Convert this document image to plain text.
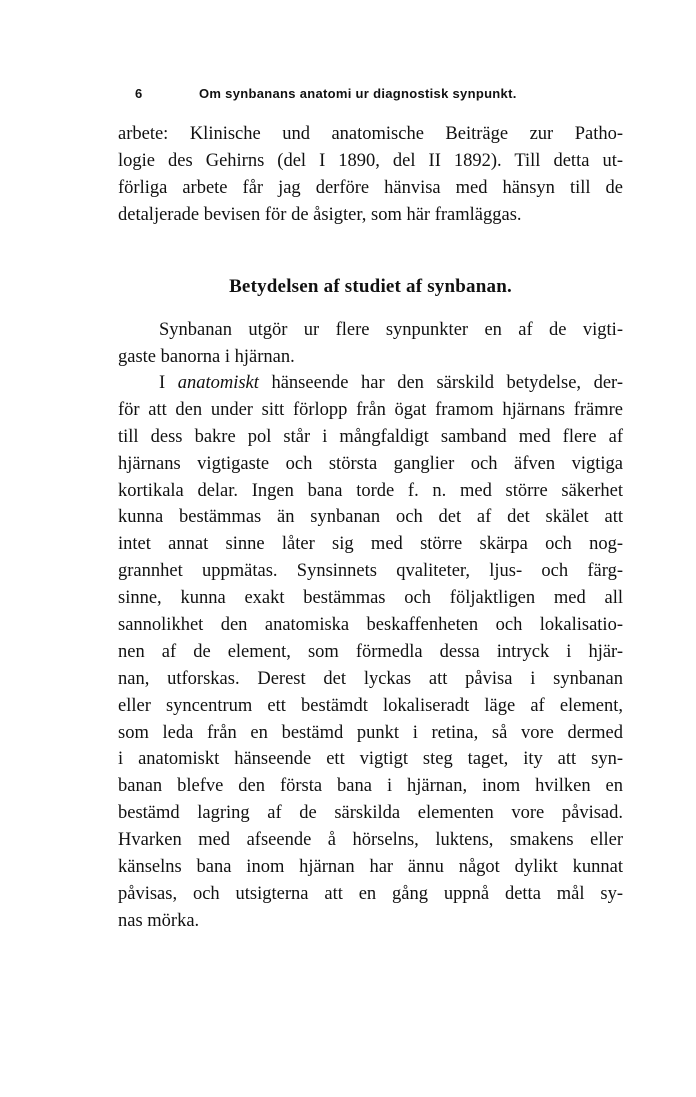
6	Om synbanans anatomi ur diagnostisk synpunkt.
arbete: Klinische und anatomische Beiträge zur Patho-
logie des Gehirns (del I 1890, del II 1892). Till detta ut-
förliga arbete får jag derföre hänvisa med hänsyn till de
detaljerade bevisen för de åsigter, som här framläggas.
Betydelsen af studiet af synbanan.
Synbanan utgör ur flere synpunkter en af de vigti-
gaste banorna i hjärnan.
I anatomiskt hänseende har den särskild betydelse, der-
för att den under sitt förlopp från ögat framom hjärnans främre
till dess bakre pol står i mångfaldigt samband med flere af
hjärnans vigtigaste och största ganglier och äfven vigtiga
kortikala delar. Ingen bana torde f. n. med större säkerhet
kunna bestämmas än synbanan och det af det skälet att
intet annat sinne låter sig med större skärpa och nog-
grannhet uppmätas. Synsinnets qvaliteter, ljus- och färg-
sinne, kunna exakt bestämmas och följaktligen med all
sannolikhet den anatomiska beskaffenheten och lokalisatio-
nen af de element, som förmedla dessa intryck i hjär-
nan, utforskas. Derest det lyckas att påvisa i synbanan
eller syncentrum ett bestämdt lokaliseradt läge af element,
som leda från en bestämd punkt i retina, så vore dermed
i anatomiskt hänseende ett vigtigt steg taget, ity att syn-
banan blefve den första bana i hjärnan, inom hvilken en
bestämd lagring af de särskilda elementen vore påvisad.
Hvarken med afseende å hörselns, luktens, smakens eller
känselns bana inom hjärnan har ännu något dylikt kunnat
påvisas, och utsigterna att en gång uppnå detta mål sy-
nas mörka.
